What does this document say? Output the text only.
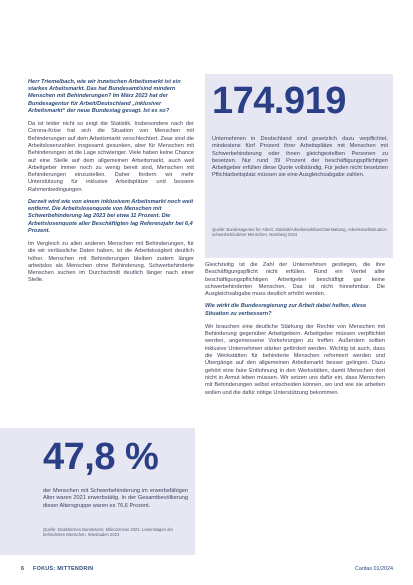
Herr Triemelbach, wie wir inzwischen Arbeitsmarkt ist ein starkes Arbeitsmarkt. Das hat Bundesamt/sind mindern Menschen mit Behinderungen? Im März 2023 hat der Bundesagentur für Arbeit/Deutschland „inklusiver Arbeitsmarkt“ der neue Bundestag gesagt. Ist es so?

Da ist leider nicht so zeigt die Statistik. Insbesondere nach der Corona-Krise hat sich die Situation von Menschen mit Behinderungen auf dem Arbeitsmarkt verschlechtert. Zwar sind die Arbeitslosenzahlen insgesamt gesunken, aber für Menschen mit Behinderungen ist die Lage schwieriger. Viele haben keine Chance auf eine Stelle auf dem allgemeinen Arbeitsmarkt, auch weil Arbeitgeber immer noch zu wenig bereit sind, Menschen mit Behinderungen einzustellen. Daher fordern wir mehr Unterstützung für inklusive Arbeitsplätze und bessere Rahmenbedingungen.

Derzeit wird wie von einem inklusivem Arbeitsmarkt noch weit entfernt. Die Arbeitslosenquote von Menschen mit Schwerbehinderung lag 2023 bei etwa 11 Prozent. Die Arbeitslosenquote aller Beschäftigten lag Referenzjahr bei 6,4 Prozent.

Im Vergleich zu allen anderen Menschen mit Behinderungen, für die wir verlässliche Daten haben, ist die Arbeitslosigkeit deutlich höher. Menschen mit Behinderungen bleiben zudem länger arbeitslos als Menschen ohne Behinderung. Schwerbehinderte Menschen suchen im Durchschnitt deutlich länger nach einer Stelle.

174.919
Unternehmen in Deutschland sind gesetzlich dazu verpflichtet, mindestens fünf Prozent ihrer Arbeitsplätze mit Menschen mit Schwerbehinderung oder ihnen gleichgestellten Personen zu besetzen. Nur rund 39 Prozent der beschäftigungspflichtigen Arbeitgeber erfüllen diese Quote vollständig. Für jeden nicht besetzten Pflichtarbeitsplatz müssen sie eine Ausgleichsabgabe zahlen.
Quelle: Bundesagentur für Arbeit, Statistik/Arbeitsmarktberichterstattung, Arbeitsmarktsituation schwerbehinderter Menschen, Nürnberg 2024

Gleichzeitig ist die Zahl der Unternehmen gestiegen, die ihre Beschäftigungspflicht nicht erfüllen. Rund ein Viertel aller beschäftigungspflichtigen Arbeitgeber beschäftigt gar keine schwerbehinderten Menschen. Das ist nicht hinnehmbar. Die Ausgleichsabgabe muss deutlich erhöht werden.

Wie wirkt die Bundesregierung zur Arbeit dabei helfen, diese Situation zu verbessern?

Wir brauchen eine deutliche Stärkung der Rechte von Menschen mit Behinderung gegenüber Arbeitgebern. Arbeitgeber müssen verpflichtet werden, angemessene Vorkehrungen zu treffen. Außerdem sollten inklusive Unternehmen stärker gefördert werden. Wichtig ist auch, dass die Werkstätten für behinderte Menschen reformiert werden und Übergänge auf den allgemeinen Arbeitsmarkt besser gelingen. Dazu gehört eine faire Entlohnung in den Werkstätten, damit Menschen dort nicht in Armut leben müssen. Wir setzen uns dafür ein, dass Menschen mit Behinderungen selbst entscheiden können, wo und wie sie arbeiten wollen und die dafür nötige Unterstützung bekommen.

47,8 %
der Menschen mit Schwerbehinderung im erwerbsfähigen Alter waren 2021 erwerbstätig. In der Gesamtbevölkerung dieser Altersgruppe waren es 76,6 Prozent.
Quelle: Statistisches Bundesamt, Mikrozensus 2021; Lebenslagen der behinderten Menschen, Wiesbaden 2023
6 FOKUS: MITTENDRIN	Caritas 01/2024
